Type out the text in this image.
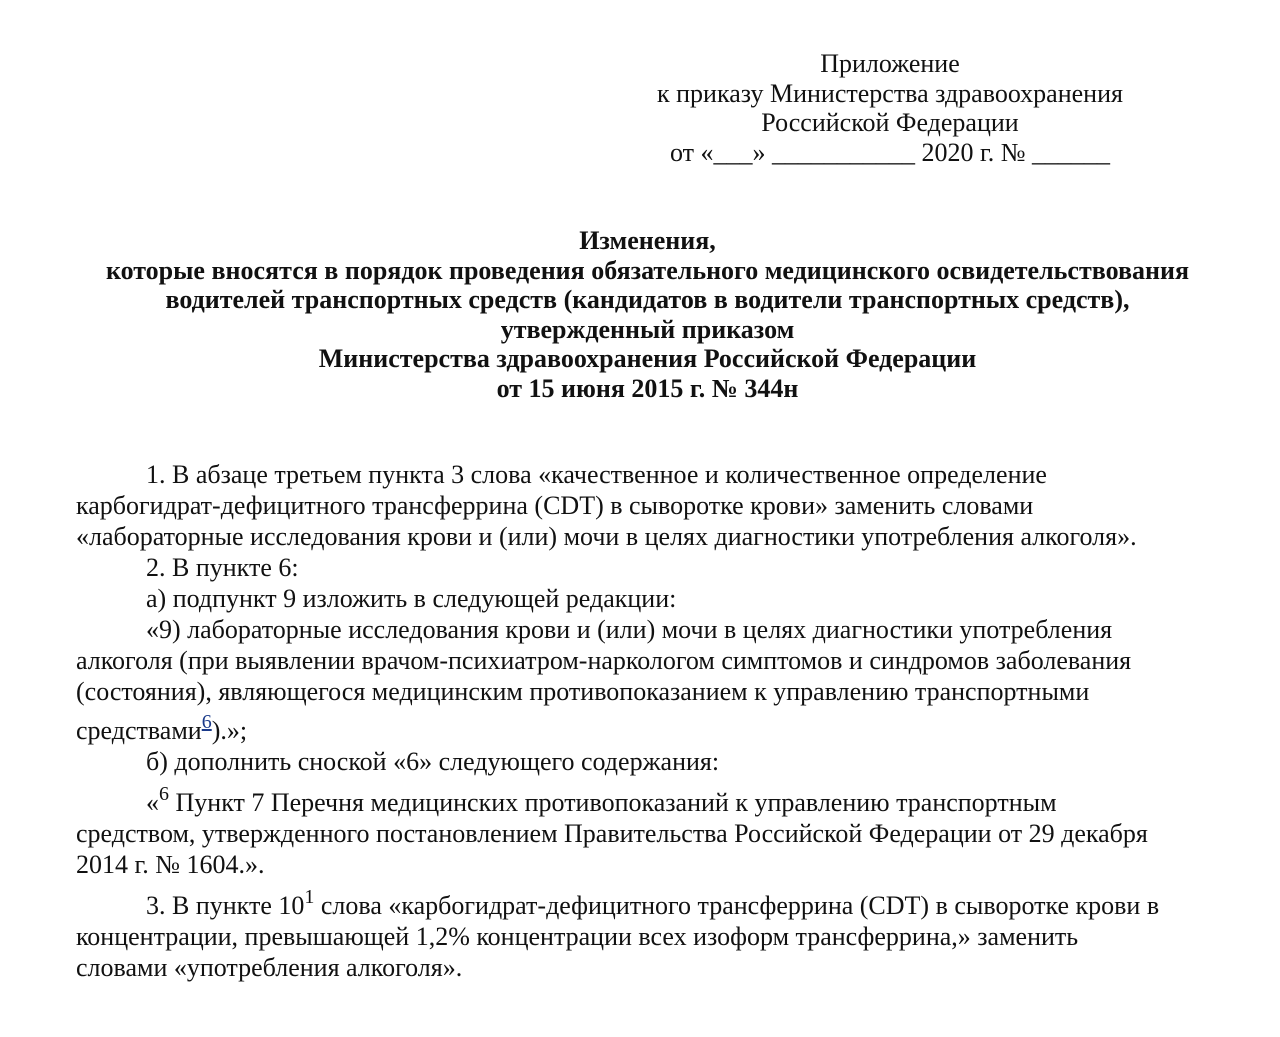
Приложение
к приказу Министерства здравоохранения
Российской Федерации
от «___» ___________ 2020 г. № ______
Изменения,
которые вносятся в порядок проведения обязательного медицинского освидетельствования
водителей транспортных средств (кандидатов в водители транспортных средств),
утвержденный приказом
Министерства здравоохранения Российской Федерации
от 15 июня 2015 г. № 344н

1. В абзаце третьем пункта 3 слова «качественное и количественное определение
карбогидрат-дефицитного трансферрина (CDT) в сыворотке крови» заменить словами
«лабораторные исследования крови и (или) мочи в целях диагностики употребления алкоголя».

2. В пункте 6:

а) подпункт 9 изложить в следующей редакции:

«9) лабораторные исследования крови и (или) мочи в целях диагностики употребления
алкоголя (при выявлении врачом-психиатром-наркологом симптомов и синдромов заболевания
(состояния), являющегося медицинским противопоказанием к управлению транспортными
средствами$^6$).»;

б) дополнить сноской «6» следующего содержания:

«$^6$ Пункт 7 Перечня медицинских противопоказаний к управлению транспортным
средством, утвержденного постановлением Правительства Российской Федерации от 29 декабря
2014 г. № 1604.».

3. В пункте $10^1$ слова «карбогидрат-дефицитного трансферрина (CDT) в сыворотке крови в
концентрации, превышающей 1,2% концентрации всех изоформ трансферрина,» заменить
словами «употребления алкоголя».
